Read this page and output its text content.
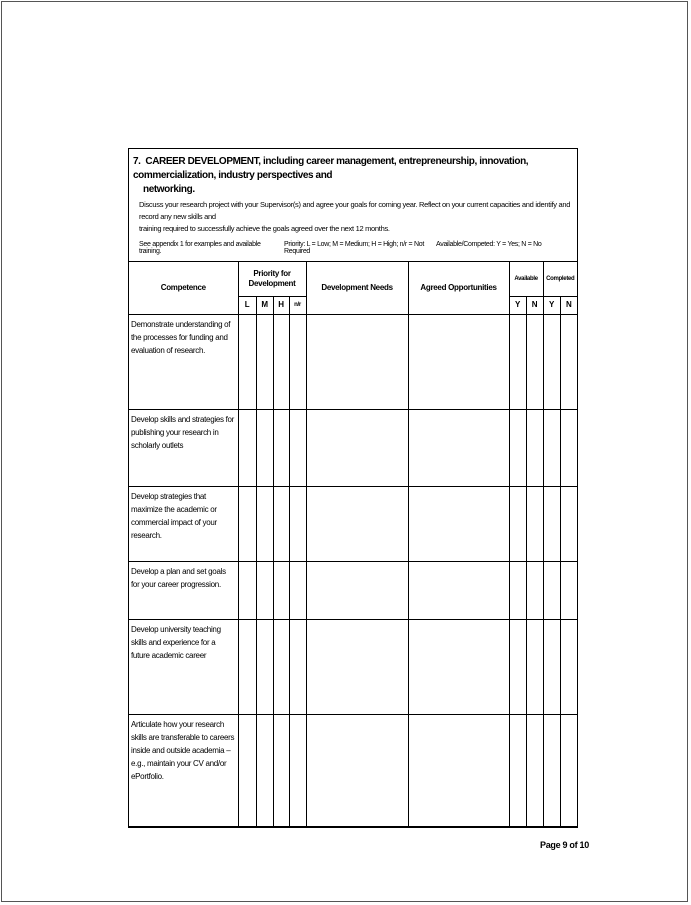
7. CAREER DEVELOPMENT, including career management, entrepreneurship, innovation, commercialization, industry perspectives and
networking.
Discuss your research project with your Supervisor(s) and agree your goals for coming year. Reflect on your current capacities and identify and record any new skills and
training required to successfully achieve the goals agreed over the next 12 months.
See appendix 1 for examples and available training.
Priority: L = Low; M = Medium; H = High; n/r = Not Required
Available/Competed: Y = Yes; N = No
Competence	Priority for Development				Development Needs	Agreed Opportunities	Available		Completed	
	L	M	H	n/r			Y	N	Y	N
Demonstrate understanding of the processes for funding and evaluation of research.										
Develop skills and strategies for publishing your research in scholarly outlets										
Develop strategies that maximize the academic or commercial impact of your research.										
Develop a plan and set goals for your career progression.										
Develop university teaching skills and experience for a future academic career										
Articulate how your research skills are transferable to careers inside and outside academia – e.g., maintain your CV and/or ePortfolio.										
Page 9 of 10
